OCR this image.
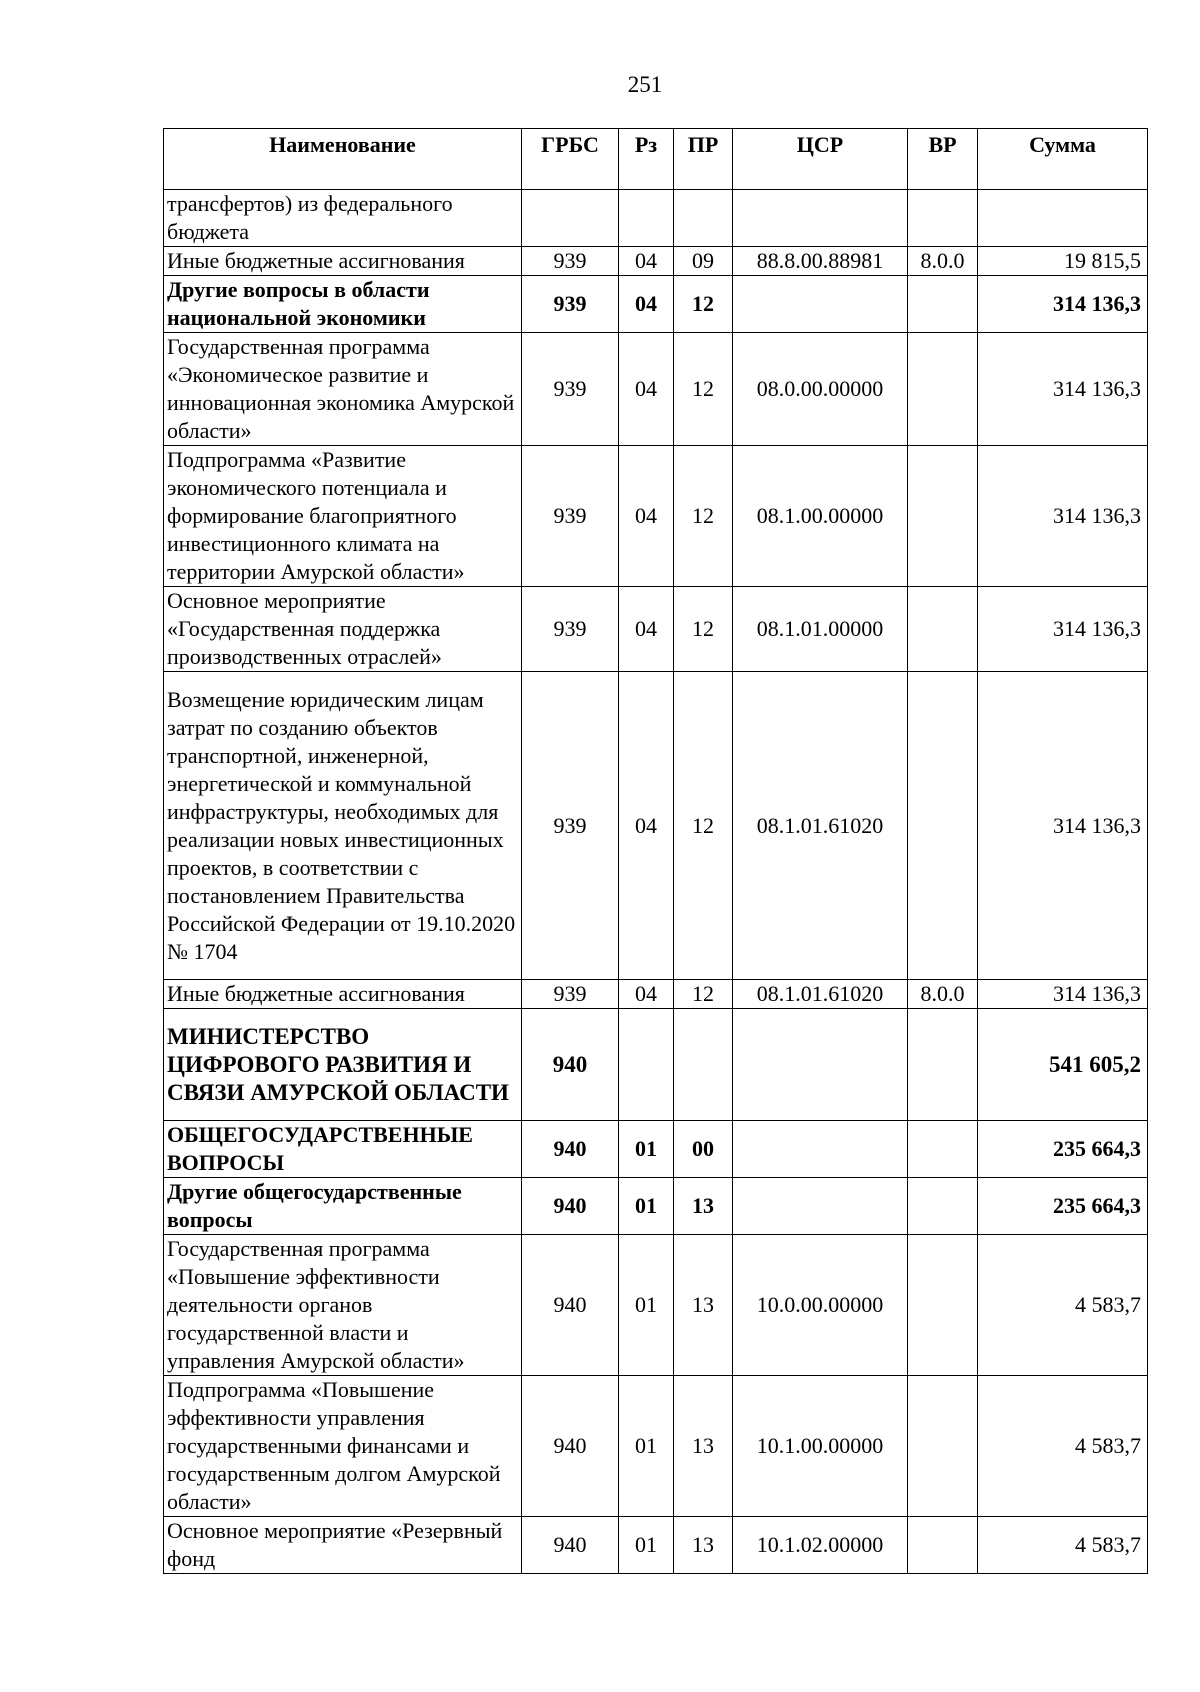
251
Наименование	ГРБС	Рз	ПР	ЦСР	ВР	Сумма
трансфертов) из федерального бюджета						
Иные бюджетные ассигнования	939	04	09	88.8.00.88981	8.0.0	19 815,5
Другие вопросы в области национальной экономики	939	04	12			314 136,3
Государственная программа «Экономическое развитие и инновационная экономика Амурской области»	939	04	12	08.0.00.00000		314 136,3
Подпрограмма «Развитие экономического потенциала и формирование благоприятного инвестиционного климата на территории Амурской области»	939	04	12	08.1.00.00000		314 136,3
Основное мероприятие «Государственная поддержка производственных отраслей»	939	04	12	08.1.01.00000		314 136,3
Возмещение юридическим лицам затрат по созданию объектов транспортной, инженерной, энергетической и коммунальной инфраструктуры, необходимых для реализации новых инвестиционных проектов, в соответствии с постановлением Правительства Российской Федерации от 19.10.2020 № 1704	939	04	12	08.1.01.61020		314 136,3
Иные бюджетные ассигнования	939	04	12	08.1.01.61020	8.0.0	314 136,3
МИНИСТЕРСТВО ЦИФРОВОГО РАЗВИТИЯ И СВЯЗИ АМУРСКОЙ ОБЛАСТИ	940					541 605,2
ОБЩЕГОСУДАРСТВЕННЫЕ ВОПРОСЫ	940	01	00			235 664,3
Другие общегосударственные вопросы	940	01	13			235 664,3
Государственная программа «Повышение эффективности деятельности органов государственной власти и управления Амурской области»	940	01	13	10.0.00.00000		4 583,7
Подпрограмма «Повышение эффективности управления государственными финансами и государственным долгом Амурской области»	940	01	13	10.1.00.00000		4 583,7
Основное мероприятие «Резервный фонд	940	01	13	10.1.02.00000		4 583,7
